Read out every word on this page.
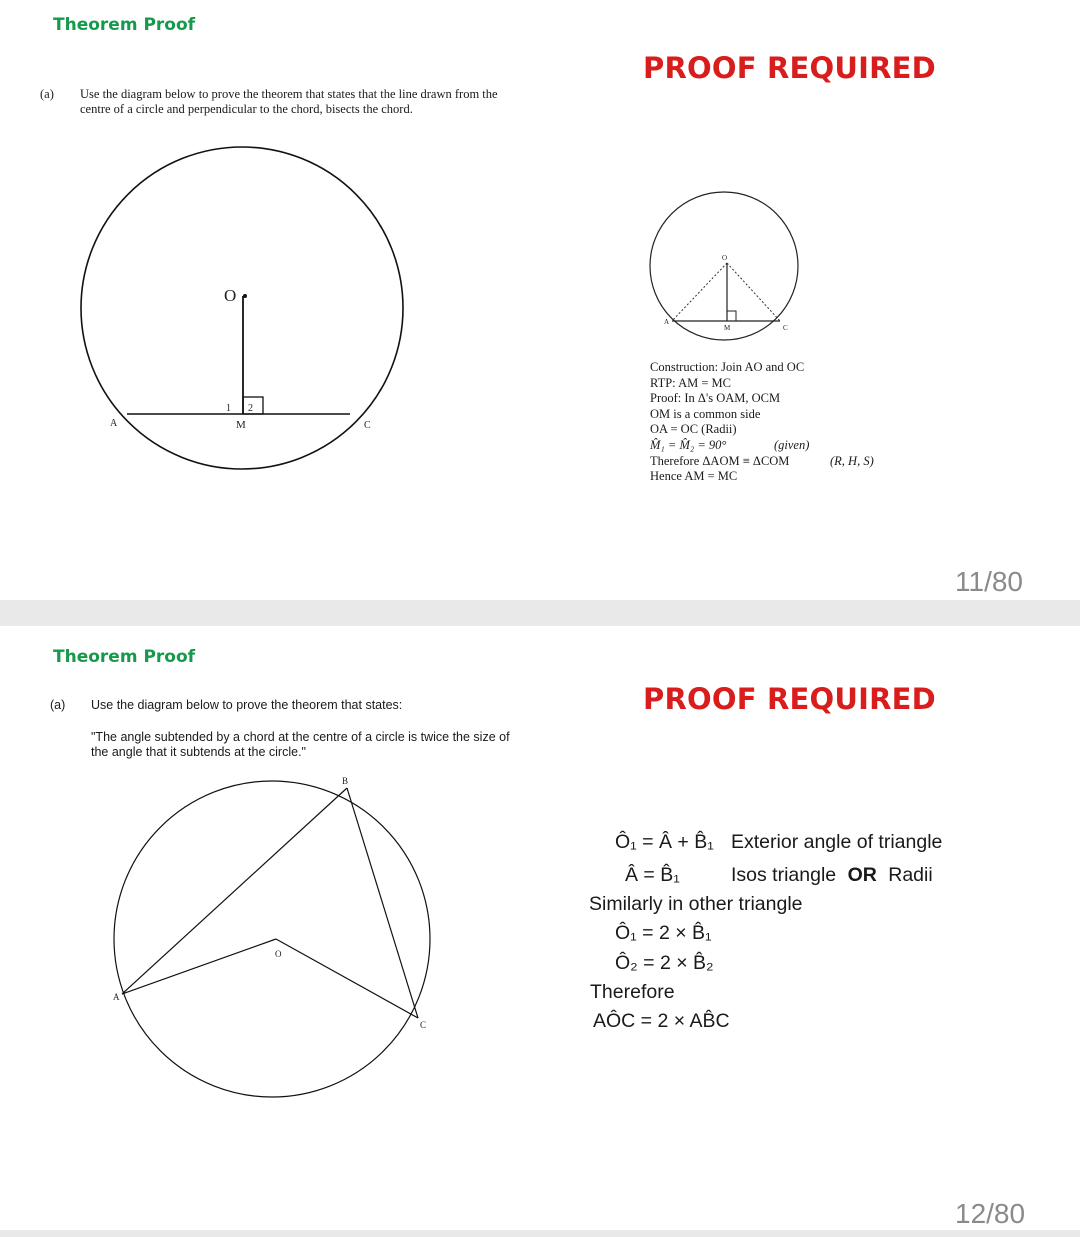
Theorem Proof
PROOF REQUIRED
(a) Use the diagram below to prove the theorem that states that the line drawn from the
centre of a circle and perpendicular to the chord, bisects the chord.
O
A	M	C
1 2
O
A
M	C
Construction: Join AO and OC
RTP: AM = MC
Proof: In Δ's OAM, OCM
OM is a common side
OA = OC (Radii)
M̂₁ = M̂₂ = 90°	(given)
Therefore ΔAOM ≡ ΔCOM	(R, H, S)
Hence AM = MC
11/80
Theorem Proof
PROOF REQUIRED
(a) Use the diagram below to prove the theorem that states:
"The angle subtended by a chord at the centre of a circle is twice the size of
the angle that it subtends at the circle."
B
A
C
O
Ô₁ = Â + B̂₁ Exterior angle of triangle
Â = B̂₁	Isos triangle OR Radii
Similarly in other triangle
Ô₁ = 2 × B̂₁
Ô₂ = 2 × B̂₂
Therefore
AÔC = 2 × AB̂C
12/80
